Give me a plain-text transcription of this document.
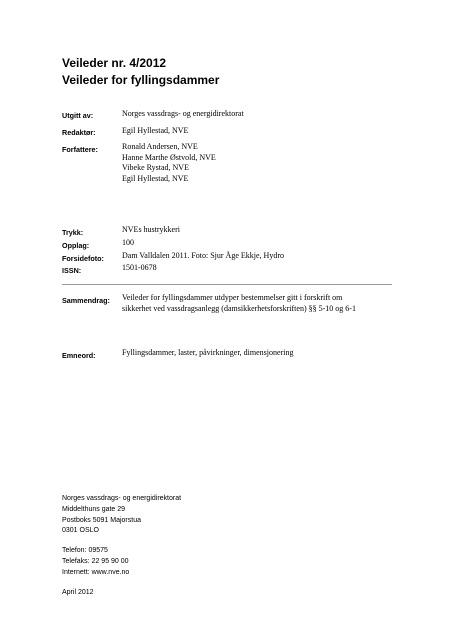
Veileder nr. 4/2012
Veileder for fyllingsdammer
Utgitt av:	Norges vassdrags- og energidirektorat
Redaktør:	Egil Hyllestad, NVE
Forfattere:	Ronald Andersen, NVE
Hanne Marthe Østvold, NVE
Vibeke Rystad, NVE
Egil Hyllestad, NVE
Trykk:	NVEs hustrykkeri
Opplag:	100
Forsidefoto: Dam Valldalen 2011. Foto: Sjur Åge Ekkje, Hydro
ISSN:	1501-0678
Sammendrag: Veileder for fyllingsdammer utdyper bestemmelser gitt i forskrift om sikkerhet ved vassdragsanlegg (damsikkerhetsforskriften) §§ 5-10 og 6-1
Emneord:	Fyllingsdammer, laster, påvirkninger, dimensjonering
Norges vassdrags- og energidirektorat
Middelthuns gate 29
Postboks 5091 Majorstua
0301 OSLO
Telefon: 09575
Telefaks: 22 95 90 00
Internett: www.nve.no
April 2012
